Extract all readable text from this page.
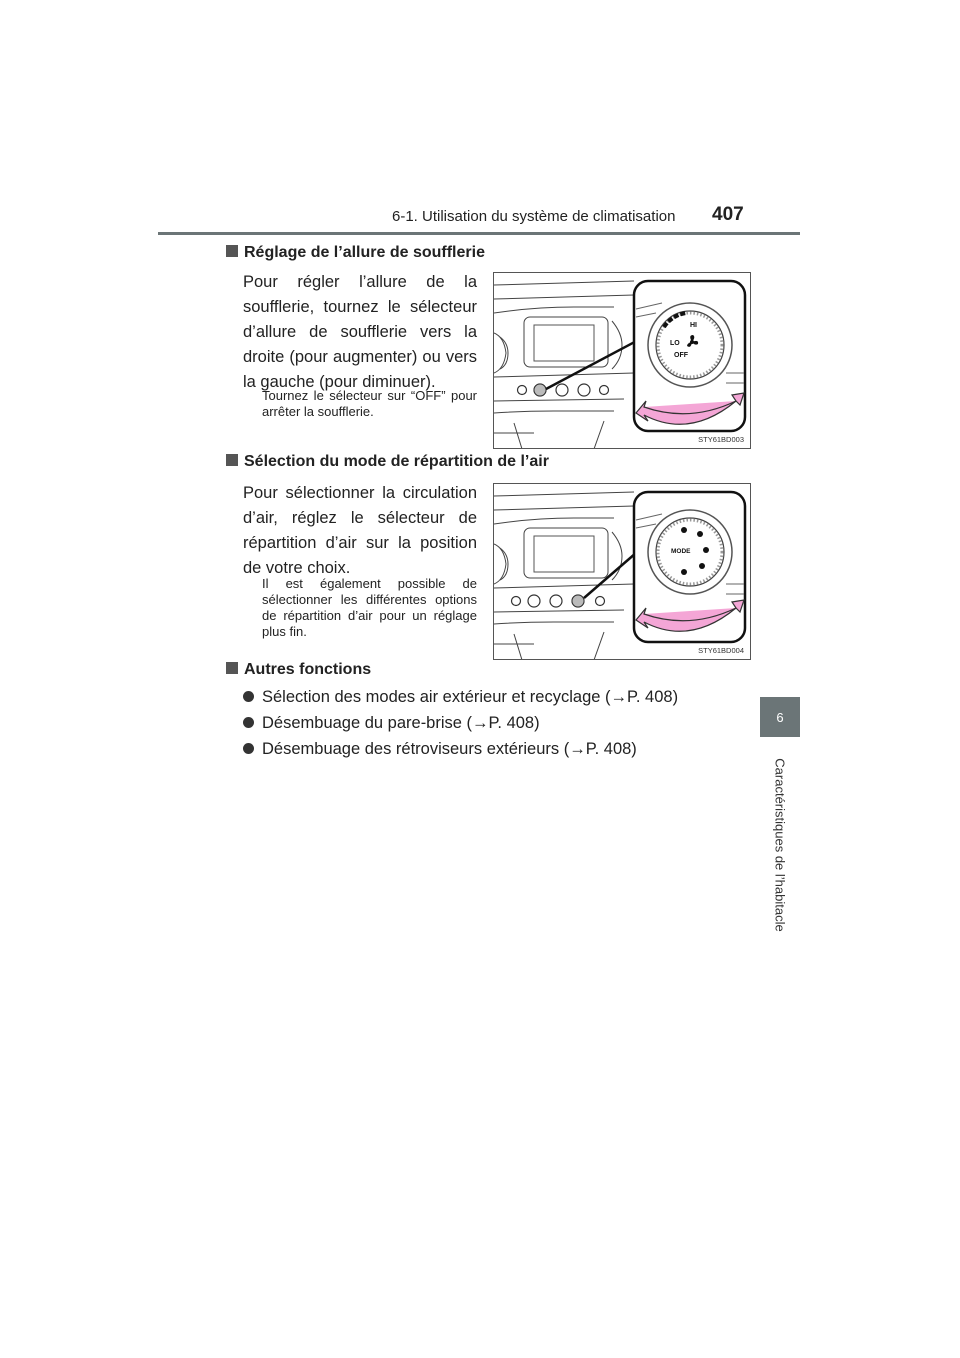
6-1. Utilisation du système de climatisation 407
6
Caractéristiques de l’habitacle
Réglage de l’allure de soufflerie
Pour régler l’allure de la soufflerie, tournez le sélecteur d’allure de soufflerie vers la droite (pour augmenter) ou vers la gauche (pour diminuer).
Tournez le sélecteur sur “OFF” pour arrêter la soufflerie.
HI
LO
OFF
STY61BD003
Sélection du mode de répartition de l’air
Pour sélectionner la circulation d’air, réglez le sélecteur de répartition d’air sur la position de votre choix.
Il est également possible de sélectionner les différentes options de répartition d’air pour un réglage plus fin.
MODE
STY61BD004
Autres fonctions
Sélection des modes air extérieur et recyclage (→P. 408)
Désembuage du pare-brise (→P. 408)
Désembuage des rétroviseurs extérieurs (→P. 408)
